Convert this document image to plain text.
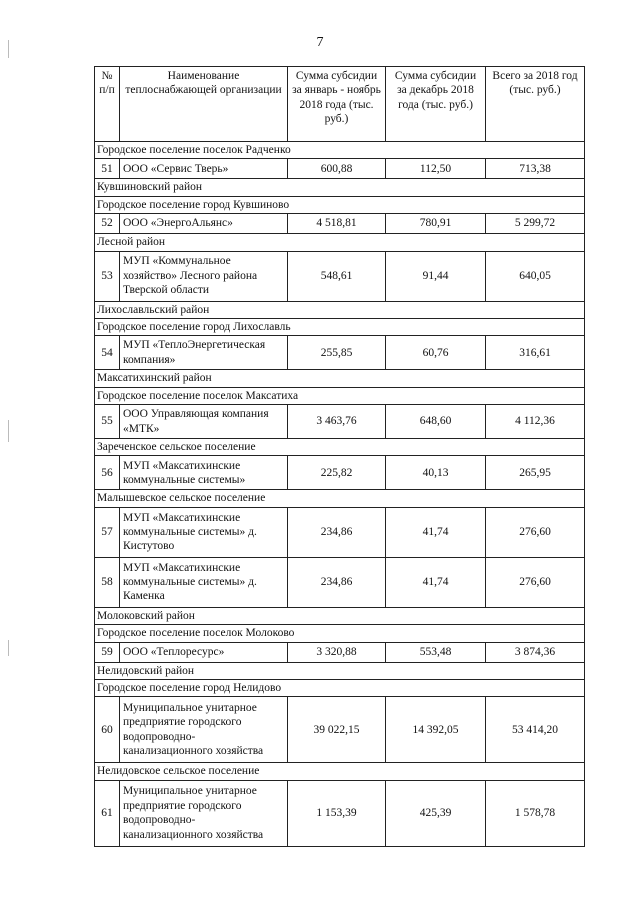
7
№ п/п	Наименование теплоснабжающей организации	Сумма субсидии за январь - ноябрь 2018 года (тыс. руб.)	Сумма субсидии за декабрь 2018 года (тыс. руб.)	Всего за 2018 год (тыс. руб.)
Городское поселение поселок Радченко				
51	ООО «Сервис Тверь»	600,88	112,50	713,38
Кувшиновский район				
Городское поселение город Кувшиново				
52	ООО «ЭнергоАльянс»	4 518,81	780,91	5 299,72
Лесной район				
53	МУП «Коммунальное хозяйство» Лесного района Тверской области	548,61	91,44	640,05
Лихославльский район				
Городское поселение город Лихославль				
54	МУП «ТеплоЭнергетическая компания»	255,85	60,76	316,61
Максатихинский район				
Городское поселение поселок Максатиха				
55	ООО Управляющая компания «МТК»	3 463,76	648,60	4 112,36
Зареченское сельское поселение				
56	МУП «Максатихинские коммунальные системы»	225,82	40,13	265,95
Малышевское сельское поселение				
57	МУП «Максатихинские коммунальные системы» д. Кистутово	234,86	41,74	276,60
58	МУП «Максатихинские коммунальные системы» д. Каменка	234,86	41,74	276,60
Молоковский район				
Городское поселение поселок Молоково				
59	ООО «Теплоресурс»	3 320,88	553,48	3 874,36
Нелидовский район				
Городское поселение город Нелидово				
60	Муниципальное унитарное предприятие городского водопроводно-канализационного хозяйства	39 022,15	14 392,05	53 414,20
Нелидовское сельское поселение				
61	Муниципальное унитарное предприятие городского водопроводно-канализационного хозяйства	1 153,39	425,39	1 578,78
